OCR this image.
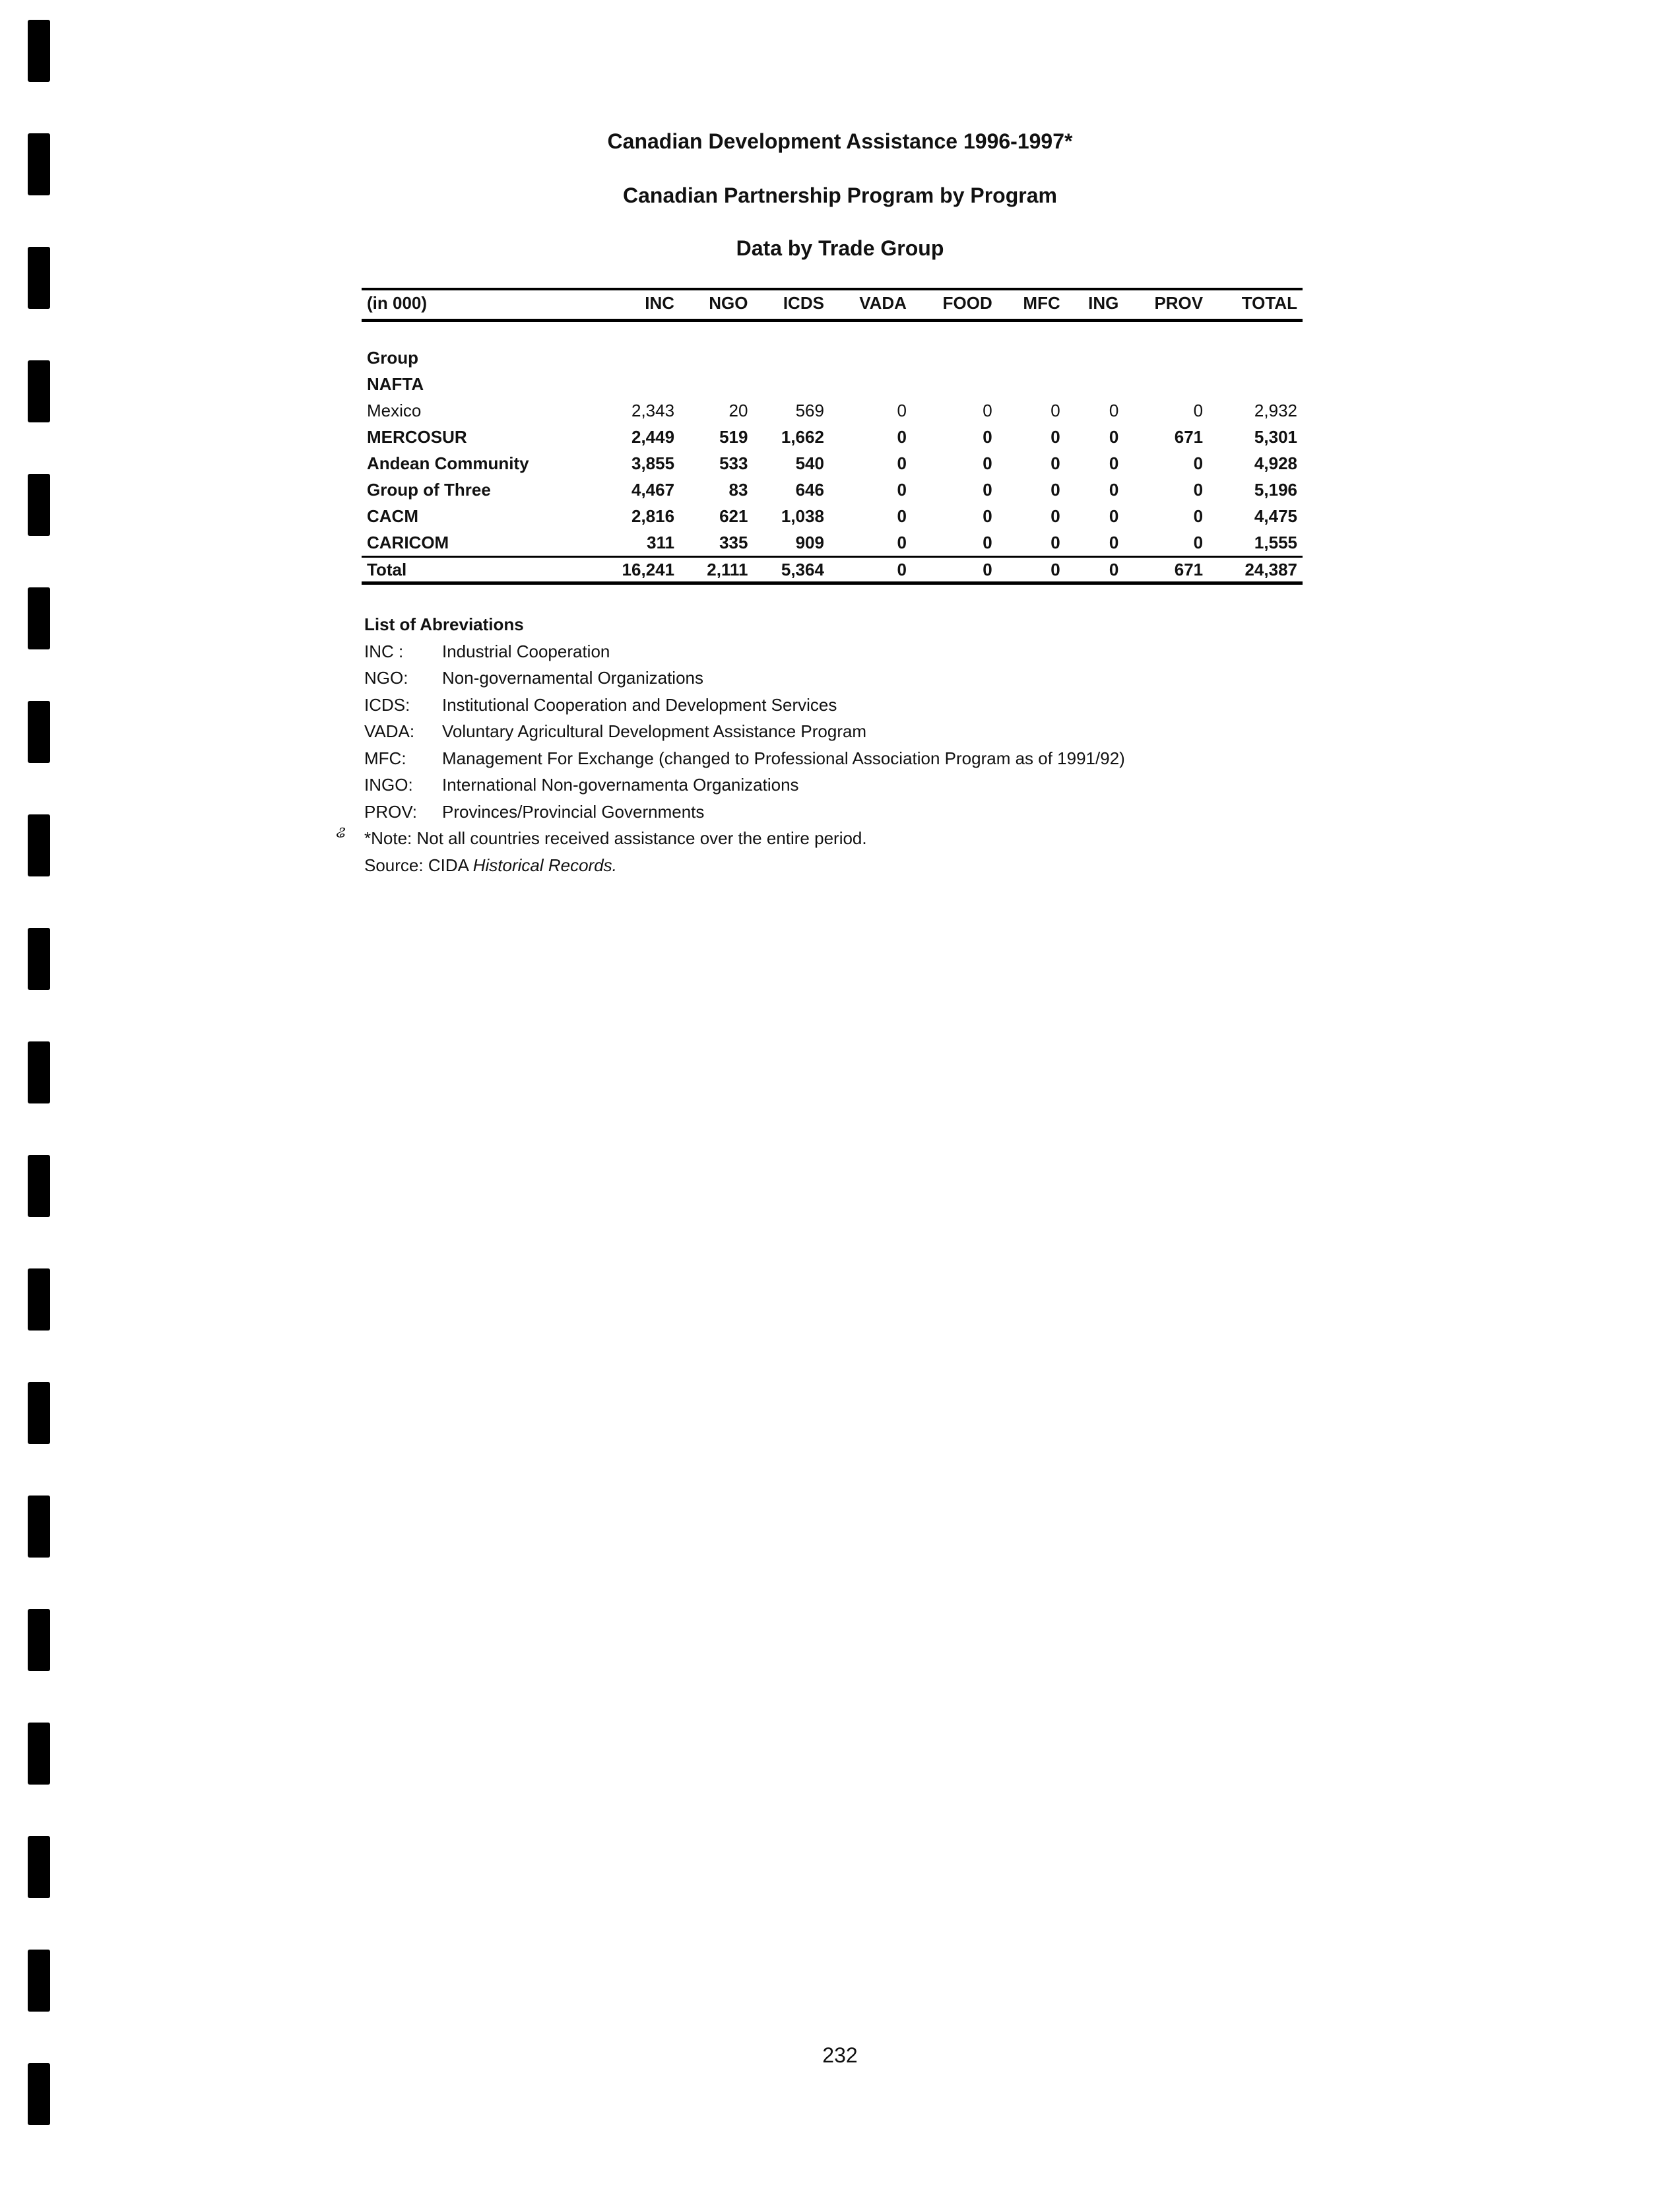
Canadian Development Assistance 1996-1997*
Canadian Partnership Program by Program
Data by Trade Group
(in 000)	INC	NGO	ICDS	VADA	FOOD	MFC	ING	PROV	TOTAL

Group									
NAFTA									
Mexico	2,343	20	569	0	0	0	0	0	2,932
MERCOSUR	2,449	519	1,662	0	0	0	0	671	5,301
Andean Community	3,855	533	540	0	0	0	0	0	4,928
Group of Three	4,467	83	646	0	0	0	0	0	5,196
CACM	2,816	621	1,038	0	0	0	0	0	4,475
CARICOM	311	335	909	0	0	0	0	0	1,555
Total	16,241	2,111	5,364	0	0	0	0	671	24,387
List of Abreviations
INC :	Industrial Cooperation
NGO:	Non-governamental Organizations
ICDS:	Institutional Cooperation and Development Services
VADA:	Voluntary Agricultural Development Assistance Program
MFC:	Management For Exchange (changed to Professional Association Program as of 1991/92)
INGO:	International Non-governamenta Organizations
PROV:	Provinces/Provincial Governments
*Note: Not all countries received assistance over the entire period.
Source: CIDA Historical Records.
ଌ
232
